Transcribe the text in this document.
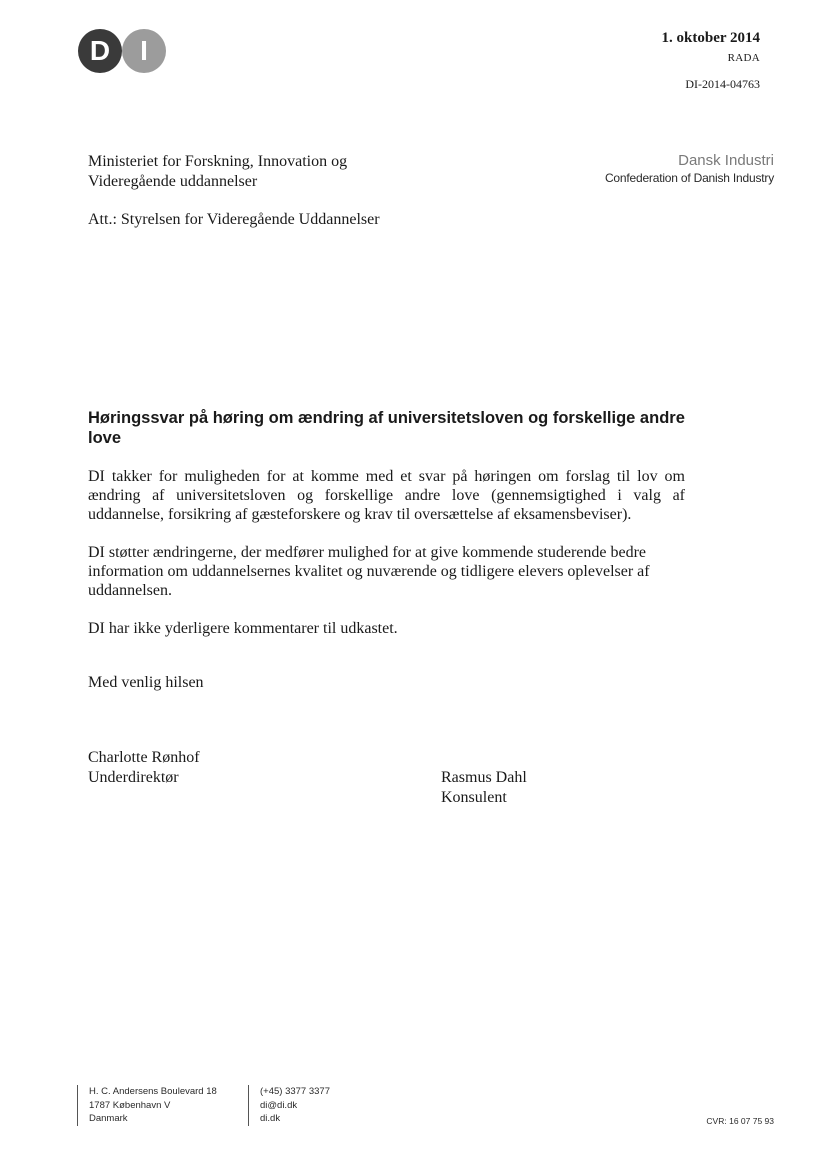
D I	1. oktober 2014
RADA
DI-2014-04763
Ministeriet for Forskning, Innovation og
Videregående uddannelser
Att.: Styrelsen for Videregående Uddannelser
Dansk Industri
Confederation of Danish Industry
Høringssvar på høring om ændring af universitetsloven og forskellige andre love
DI takker for muligheden for at komme med et svar på høringen om forslag til lov om ændring af universitetsloven og forskellige andre love (gennemsigtighed i valg af uddannelse, forsikring af gæsteforskere og krav til oversættelse af eksamensbeviser).
DI støtter ændringerne, der medfører mulighed for at give kommende studerende bedre information om uddannelsernes kvalitet og nuværende og tidligere elevers oplevelser af uddannelsen.
DI har ikke yderligere kommentarer til udkastet.
Med venlig hilsen
Charlotte Rønhof
Underdirektør	Rasmus Dahl
Konsulent
H. C. Andersens Boulevard 18
1787 København V
Danmark
(+45) 3377 3377
di@di.dk
di.dk	CVR: 16 07 75 93
